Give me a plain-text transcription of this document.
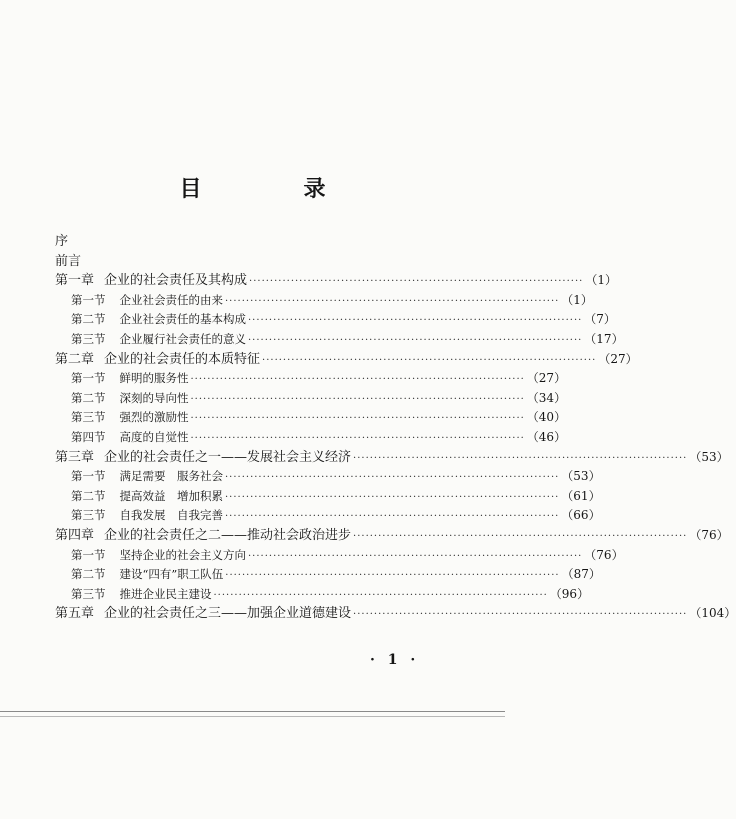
目　录
序
前言
第一章 企业的社会责任及其构成 ················································································ （1）
第一节 企业社会责任的由来 ················································································ （1）
第二节 企业社会责任的基本构成 ················································································ （7）
第三节 企业履行社会责任的意义 ················································································ （17）
第二章 企业的社会责任的本质特征 ················································································ （27）
第一节 鲜明的服务性 ················································································ （27）
第二节 深刻的导向性 ················································································ （34）
第三节 强烈的激励性 ················································································ （40）
第四节 高度的自觉性 ················································································ （46）
第三章 企业的社会责任之一——发展社会主义经济 ················································································ （53）
第一节 满足需要　服务社会 ················································································ （53）
第二节 提高效益　增加积累 ················································································ （61）
第三节 自我发展　自我完善 ················································································ （66）
第四章 企业的社会责任之二——推动社会政治进步 ················································································ （76）
第一节 坚持企业的社会主义方向 ················································································ （76）
第二节 建设“四有”职工队伍 ················································································ （87）
第三节 推进企业民主建设 ················································································ （96）
第五章 企业的社会责任之三——加强企业道德建设 ················································································ （104）
· 1 ·
